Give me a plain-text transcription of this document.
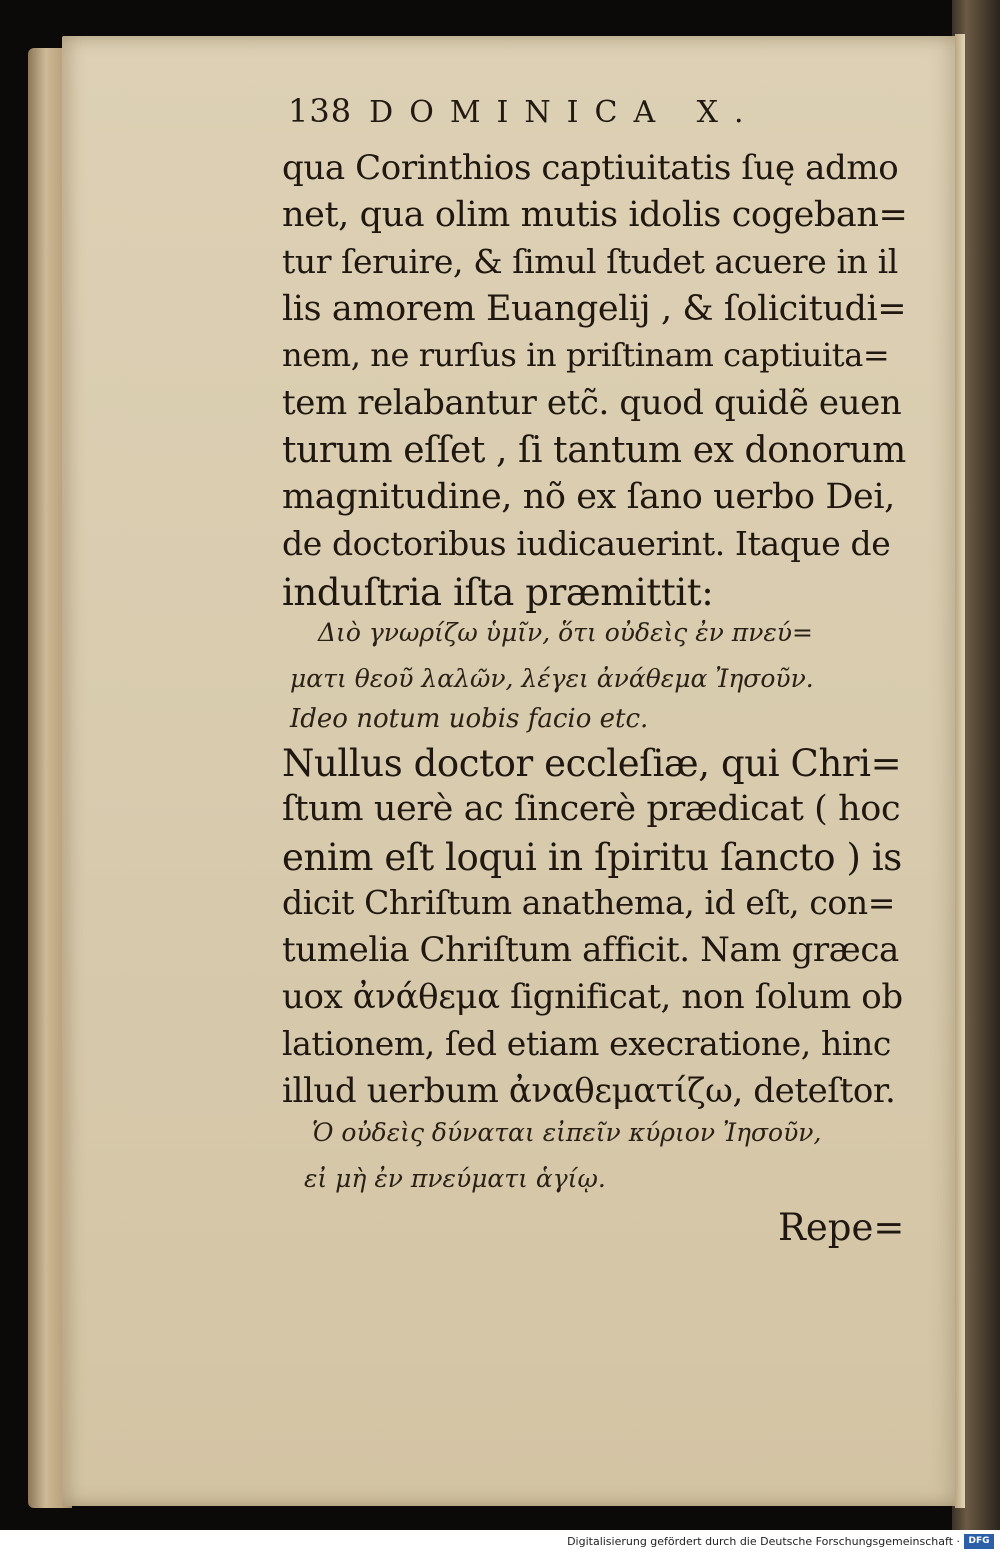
138 DOMINICA X.
qua Corinthios captiuitatis ſuę admo
net, qua olim mutis idolis cogeban=
tur ſeruire, & ſimul ſtudet acuere in il
lis amorem Euangelij , & ſolicitudi=
nem, ne rurſus in priſtinam captiuita=
tem relabantur etc̃. quod quidẽ euen
turum eſſet , ſi tantum ex donorum
magnitudine, nõ ex ſano uerbo Dei,
de doctoribus iudicauerint. Itaque de
induſtria iſta præmittit:
Διὸ γνωρίζω ὑμῖν, ὅτι οὐδεὶς ἐν πνεύ=
ματι θεοῦ λαλῶν, λέγει ἀνάθεμα Ἰησοῦν.
Ideo notum uobis facio etc.
Nullus doctor eccleſiæ, qui Chri=
ſtum uerè ac ſincerè prædicat ( hoc
enim eſt loqui in ſpiritu ſancto ) is
dicit Chriſtum anathema, id eſt, con=
tumelia Chriſtum afficit. Nam græca
uox ἀνάθεμα ſignificat, non ſolum ob
lationem, ſed etiam execratione, hinc
illud uerbum ἀναθεματίζω, deteſtor.
Ὁ οὐδεὶς δύναται εἰπεῖν κύριον Ἰησοῦν,
εἰ μὴ ἐν πνεύματι ἁγίῳ.
Repe=
Digitalisierung gefördert durch die Deutsche Forschungsgemeinschaft · DFG
